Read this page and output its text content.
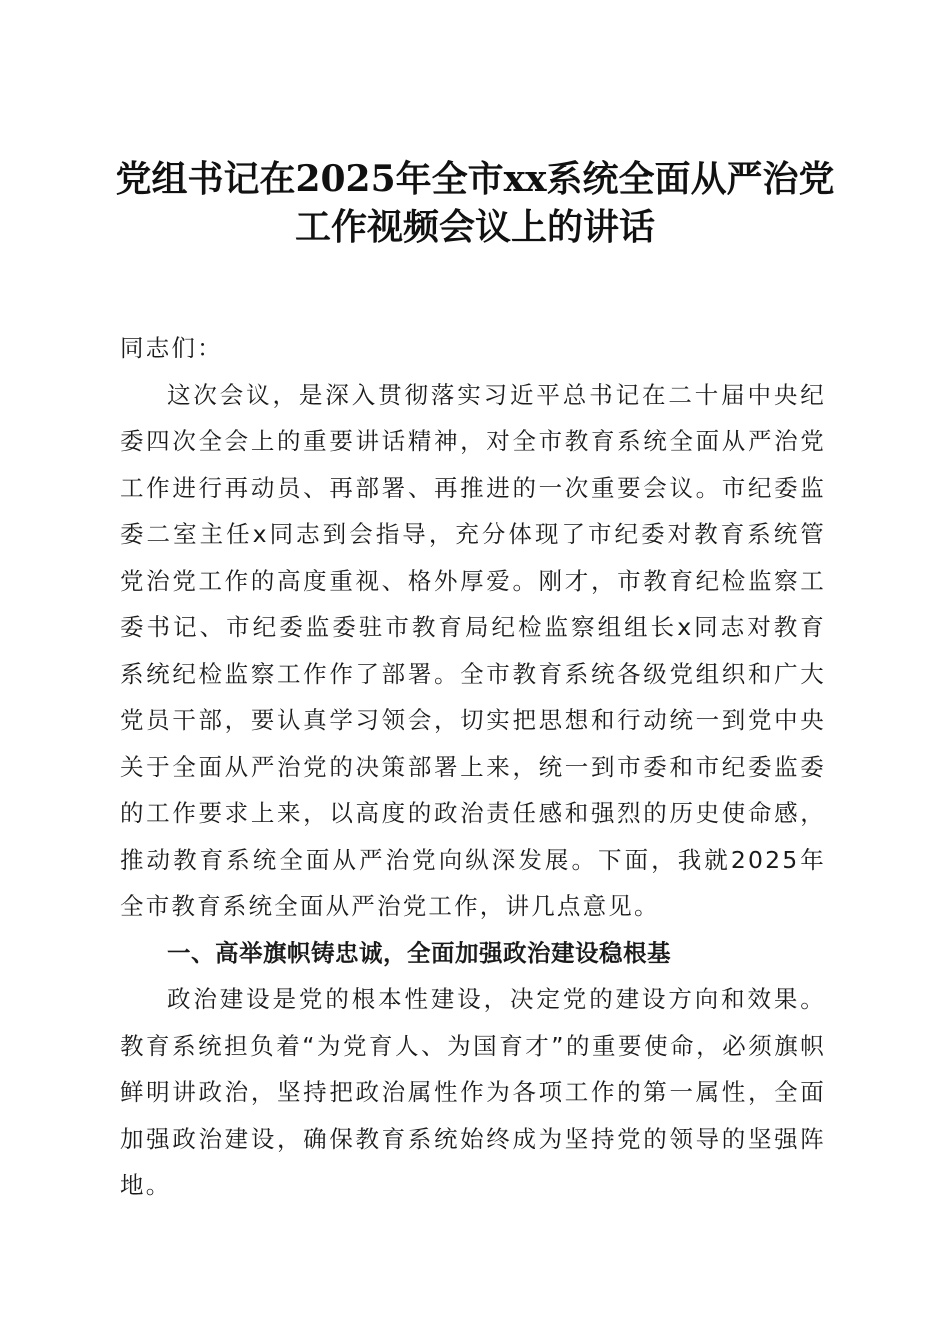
党组书记在2025年全市xx系统全面从严治党
工作视频会议上的讲话

同志们：

这次会议，是深入贯彻落实习近平总书记在二十届中央纪委四次全会上的重要讲话精神，对全市教育系统全面从严治党工作进行再动员、再部署、再推进的一次重要会议。市纪委监委二室主任x同志到会指导，充分体现了市纪委对教育系统管党治党工作的高度重视、格外厚爱。刚才，市教育纪检监察工委书记、市纪委监委驻市教育局纪检监察组组长x同志对教育系统纪检监察工作作了部署。全市教育系统各级党组织和广大党员干部，要认真学习领会，切实把思想和行动统一到党中央关于全面从严治党的决策部署上来，统一到市委和市纪委监委的工作要求上来，以高度的政治责任感和强烈的历史使命感，推动教育系统全面从严治党向纵深发展。下面，我就2025年全市教育系统全面从严治党工作，讲几点意见。

一、高举旗帜铸忠诚，全面加强政治建设稳根基

政治建设是党的根本性建设，决定党的建设方向和效果。教育系统担负着“为党育人、为国育才”的重要使命，必须旗帜鲜明讲政治，坚持把政治属性作为各项工作的第一属性，全面加强政治建设，确保教育系统始终成为坚持党的领导的坚强阵地。
